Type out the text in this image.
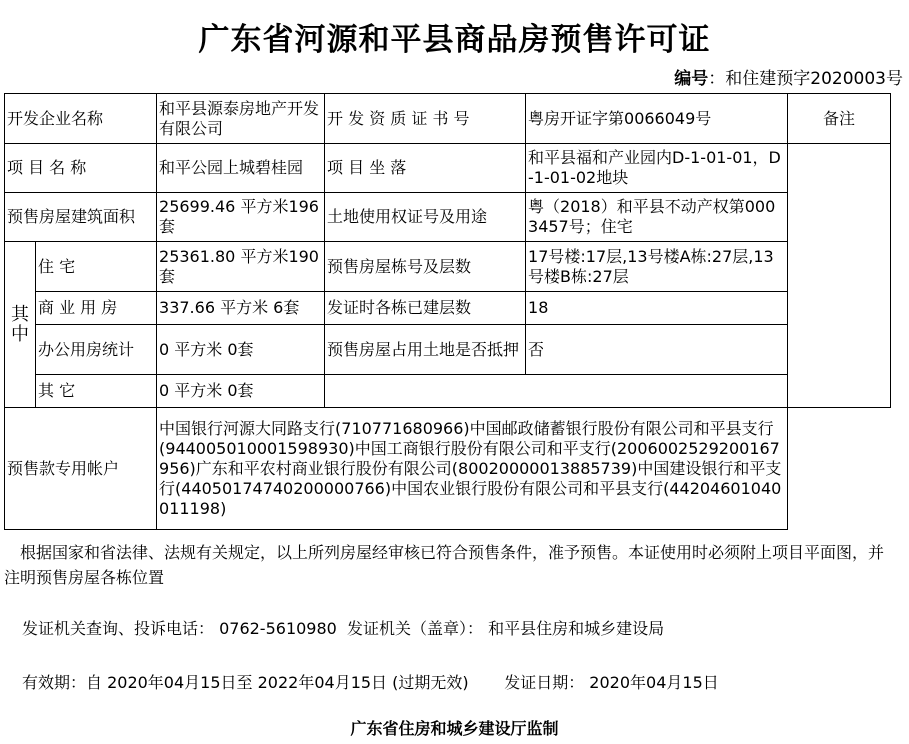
广东省河源和平县商品房预售许可证
编号：和住建预字2020003号
开发企业名称		和平县源泰房地产开发有限公司	开 发 资 质 证 书 号	粤房开证字第0066049号	备注
项 目 名 称		和平公园上城碧桂园	项 目 坐 落	和平县福和产业园内D-1-01-01，D-1-01-02地块	
预售房屋建筑面积		25699.46 平方米196套	土地使用权证号及用途	粤（2018）和平县不动产权第0003457号；住宅	
其中	住 宅	25361.80 平方米190套	预售房屋栋号及层数	17号楼:17层,13号楼A栋:27层,13号楼B栋:27层	
	商 业 用 房	337.66 平方米 6套	发证时各栋已建层数	18	
	办公用房统计	0 平方米 0套	预售房屋占用土地是否抵押	否	
	其 它	0 平方米 0套			
预售款专用帐户		中国银行河源大同路支行(710771680966)中国邮政储蓄银行股份有限公司和平县支行(944005010001598930)中国工商银行股份有限公司和平支行(2006002529200167956)广东和平农村商业银行股份有限公司(80020000013885739)中国建设银行和平支行(44050174740200000766)中国农业银行股份有限公司和平县支行(44204601040011198)			
根据国家和省法律、法规有关规定，以上所列房屋经审核已符合预售条件，准予预售。本证使用时必须附上项目平面图，并注明预售房屋各栋位置
发证机关查询、投诉电话： 0762-5610980  发证机关（盖章）： 和平县住房和城乡建设局
有效期：自 2020年04月15日至 2022年04月15日 (过期无效)       发证日期： 2020年04月15日
广东省住房和城乡建设厅监制
